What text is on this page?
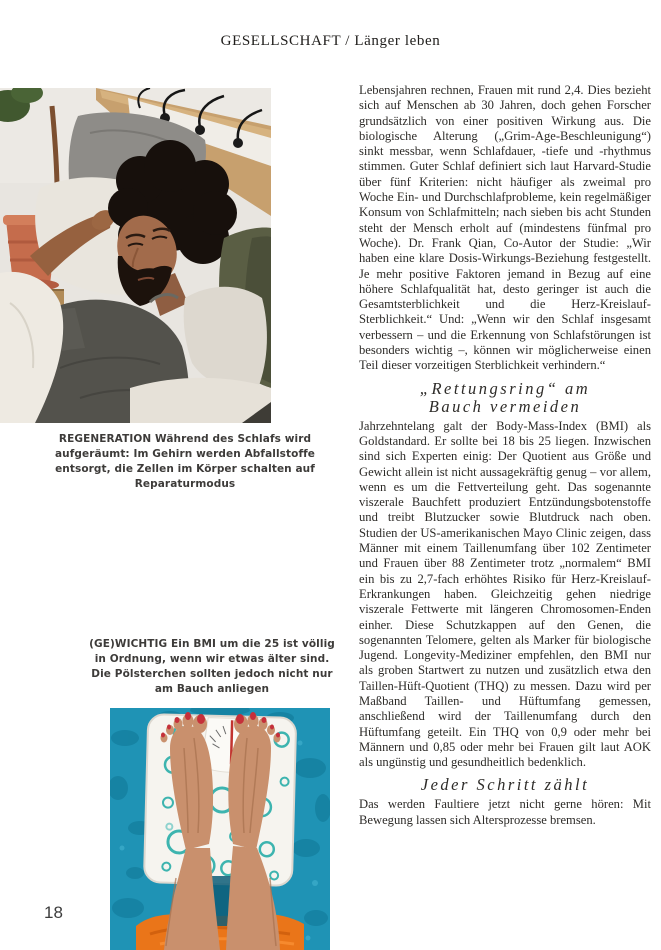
GESELLSCHAFT / Länger leben
REGENERATION Während des Schlafs wird aufgeräumt: Im Gehirn werden Abfallstoffe entsorgt, die Zellen im Körper schalten auf Reparaturmodus
(GE)WICHTIG Ein BMI um die 25 ist völlig in Ordnung, wenn wir etwas älter sind. Die Pölsterchen sollten jedoch nicht nur am Bauch anliegen
18

Lebensjahren rechnen, Frauen mit rund 2,4. Dies bezieht sich auf Menschen ab 30 Jahren, doch gehen Forscher grundsätzlich von einer positiven Wirkung aus. Die biologische Alterung („Grim-Age-Beschleunigung“) sinkt messbar, wenn Schlafdauer, -tiefe und -rhythmus stimmen. Guter Schlaf definiert sich laut Harvard-Studie über fünf Kriterien: nicht häufiger als zweimal pro Woche Ein- und Durchschlafprobleme, kein regelmäßiger Konsum von Schlafmitteln; nach sieben bis acht Stunden steht der Mensch erholt auf (mindestens fünfmal pro Woche). Dr. Frank Qian, Co-Autor der Studie: „Wir haben eine klare Dosis-Wirkungs-Beziehung festgestellt. Je mehr positive Faktoren jemand in Bezug auf eine höhere Schlafqualität hat, desto geringer ist auch die Gesamtsterblichkeit und die Herz-Kreislauf-Sterblichkeit.“ Und: „Wenn wir den Schlaf insgesamt verbessern – und die Erkennung von Schlafstörungen ist besonders wichtig –, können wir möglicherweise einen Teil dieser vorzeitigen Sterblichkeit verhindern.“

„Rettungsring“ am
Bauch vermeiden

Jahrzehntelang galt der Body-Mass-Index (BMI) als Goldstandard. Er sollte bei 18 bis 25 liegen. Inzwischen sind sich Experten einig: Der Quotient aus Größe und Gewicht allein ist nicht aussagekräftig genug – vor allem, wenn es um die Fettverteilung geht. Das sogenannte viszerale Bauchfett produziert Entzündungsbotenstoffe und treibt Blutzucker sowie Blutdruck nach oben. Studien der US-amerikanischen Mayo Clinic zeigen, dass Männer mit einem Taillenumfang über 102 Zentimeter und Frauen über 88 Zentimeter trotz „normalem“ BMI ein bis zu 2,7-fach erhöhtes Risiko für Herz-Kreislauf-Erkrankungen haben. Gleichzeitig gehen niedrige viszerale Fettwerte mit längeren Chromosomen-Enden einher. Diese Schutzkappen auf den Genen, die sogenannten Telomere, gelten als Marker für biologische Jugend. Longevity-Mediziner empfehlen, den BMI nur als groben Startwert zu nutzen und zusätzlich etwa den Taillen-Hüft-Quotient (THQ) zu messen. Dazu wird per Maßband Taillen- und Hüftumfang gemessen, anschließend wird der Taillenumfang durch den Hüftumfang geteilt. Ein THQ von 0,9 oder mehr bei Männern und 0,85 oder mehr bei Frauen gilt laut AOK als ungünstig und gesundheitlich bedenklich.

Jeder Schritt zählt

Das werden Faultiere jetzt nicht gerne hören: Mit Bewegung lassen sich Altersprozesse bremsen.
